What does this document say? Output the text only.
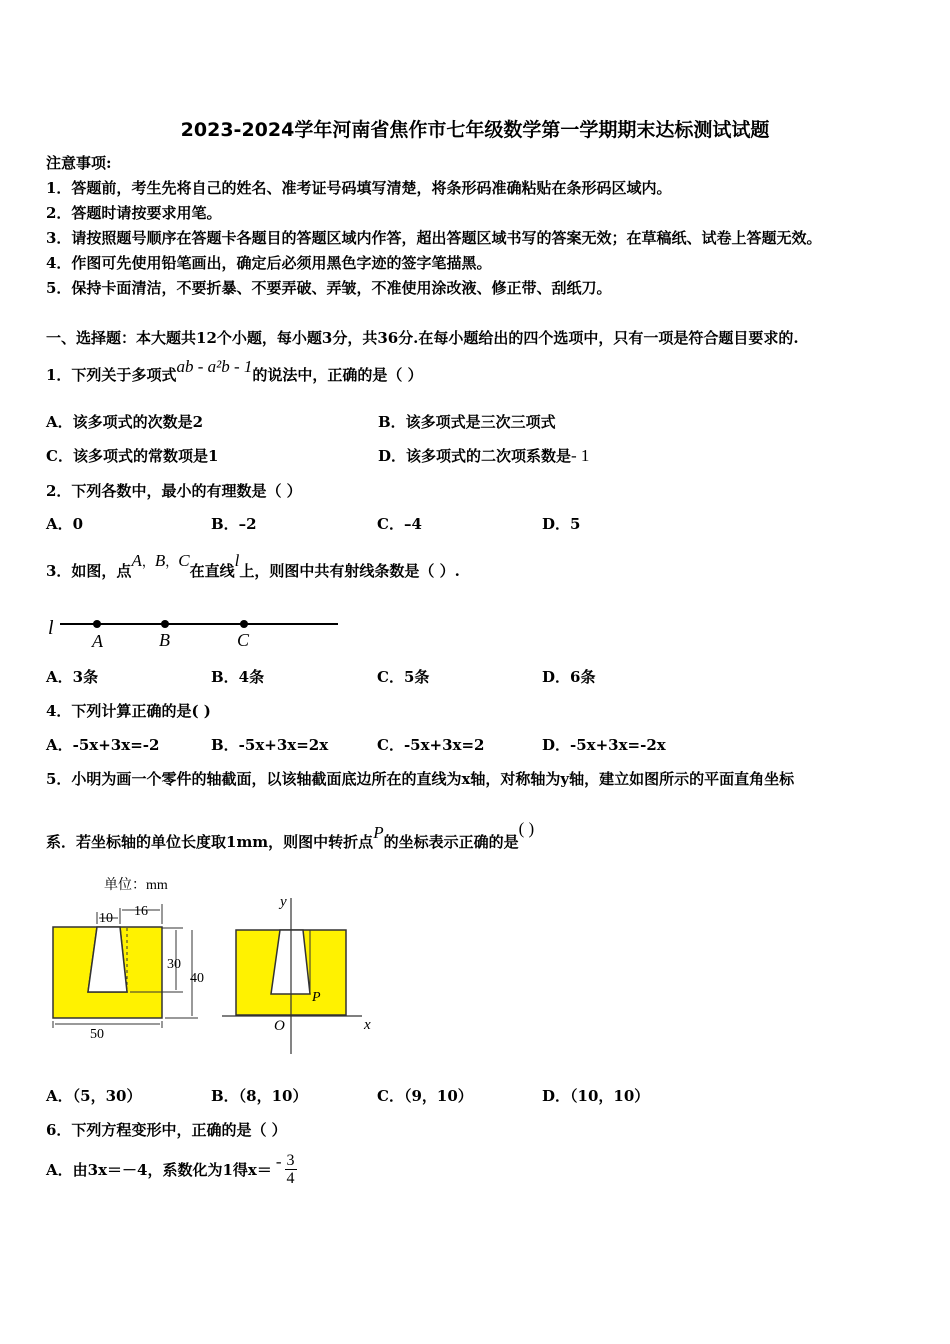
2023-2024学年河南省焦作市七年级数学第一学期期末达标测试试题
注意事项:
1．答题前，考生先将自己的姓名、准考证号码填写清楚，将条形码准确粘贴在条形码区域内。
2．答题时请按要求用笔。
3．请按照题号顺序在答题卡各题目的答题区域内作答，超出答题区域书写的答案无效；在草稿纸、试卷上答题无效。
4．作图可先使用铅笔画出，确定后必须用黑色字迹的签字笔描黑。
5．保持卡面清洁，不要折暴、不要弄破、弄皱，不准使用涂改液、修正带、刮纸刀。
一、选择题：本大题共12个小题，每小题3分，共36分.在每小题给出的四个选项中，只有一项是符合题目要求的.
1．下列关于多项式ab - a²b - 1的说法中，正确的是（ ）
A．该多项式的次数是2	B．该多项式是三次三项式
C．该多项式的常数项是1	D．该多项式的二次项系数是- 1
2．下列各数中，最小的有理数是（ ）
A．0	B．–2	C．–4	D．5
3．如图，点A，B，C在直线l上，则图中共有射线条数是（ ）.
l
A	B	C
A．3条	B．4条	C．5条	D．6条
4．下列计算正确的是( )
A．-5x+3x=-2	B．-5x+3x=2x	C．-5x+3x=2	D．-5x+3x=-2x
5．小明为画一个零件的轴截面，以该轴截面底边所在的直线为x轴，对称轴为y轴，建立如图所示的平面直角坐标
系．若坐标轴的单位长度取1mm，则图中转折点P的坐标表示正确的是( )
单位：mm
10 16
30
40
50
y
x
O
P
A．（5，30）	B．（8，10）	C．（9，10）	D．（10，10）
6．下列方程变形中，正确的是（ ）
A．由3x＝－4，系数化为1得$x= - \frac{3}{4}$
